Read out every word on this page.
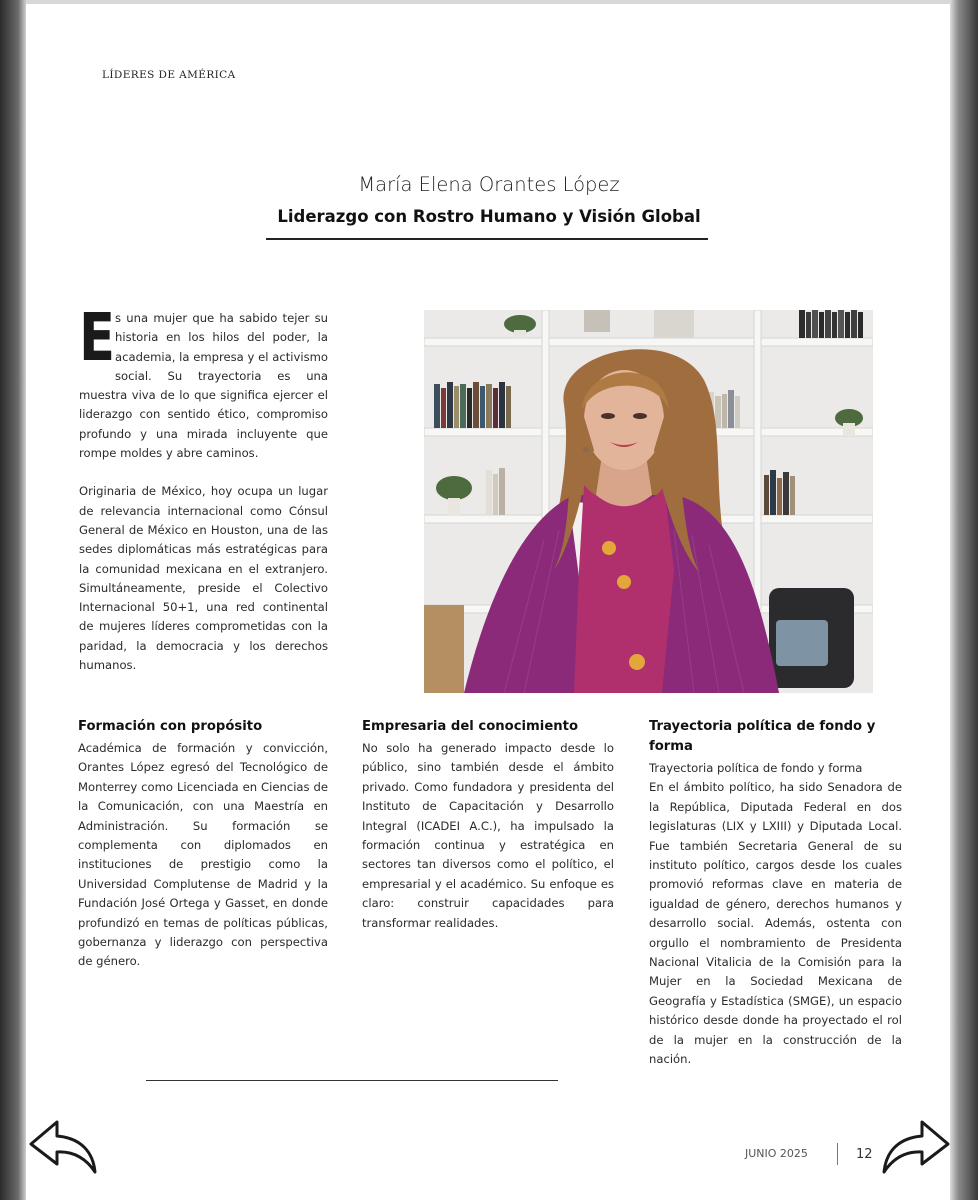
LÍDERES DE AMÉRICA
María Elena Orantes López
Liderazgo con Rostro Humano y Visión Global

Es una mujer que ha sabido tejer su historia en los hilos del poder, la academia, la empresa y el activismo social. Su trayectoria es una muestra viva de lo que significa ejercer el liderazgo con sentido ético, compromiso profundo y una mirada incluyente que rompe moldes y abre caminos.

Originaria de México, hoy ocupa un lugar de relevancia internacional como Cónsul General de México en Houston, una de las sedes diplomáticas más estratégicas para la comunidad mexicana en el extranjero. Simultáneamente, preside el Colectivo Internacional 50+1, una red continental de mujeres líderes comprometidas con la paridad, la democracia y los derechos humanos.

Formación con propósito

Académica de formación y convicción, Orantes López egresó del Tecnológico de Monterrey como Licenciada en Ciencias de la Comunicación, con una Maestría en Administración. Su formación se complementa con diplomados en instituciones de prestigio como la Universidad Complutense de Madrid y la Fundación José Ortega y Gasset, en donde profundizó en temas de políticas públicas, gobernanza y liderazgo con perspectiva de género.

Empresaria del conocimiento

No solo ha generado impacto desde lo público, sino también desde el ámbito privado. Como fundadora y presidenta del Instituto de Capacitación y Desarrollo Integral (ICADEI A.C.), ha impulsado la formación continua y estratégica en sectores tan diversos como el político, el empresarial y el académico. Su enfoque es claro: construir capacidades para transformar realidades.

Trayectoria política de fondo y forma

Trayectoria política de fondo y forma
En el ámbito político, ha sido Senadora de la República, Diputada Federal en dos legislaturas (LIX y LXIII) y Diputada Local. Fue también Secretaria General de su instituto político, cargos desde los cuales promovió reformas clave en materia de igualdad de género, derechos humanos y desarrollo social. Además, ostenta con orgullo el nombramiento de Presidenta Nacional Vitalicia de la Comisión para la Mujer en la Sociedad Mexicana de Geografía y Estadística (SMGE), un espacio histórico desde donde ha proyectado el rol de la mujer en la construcción de la nación.

JUNIO 2025	12
